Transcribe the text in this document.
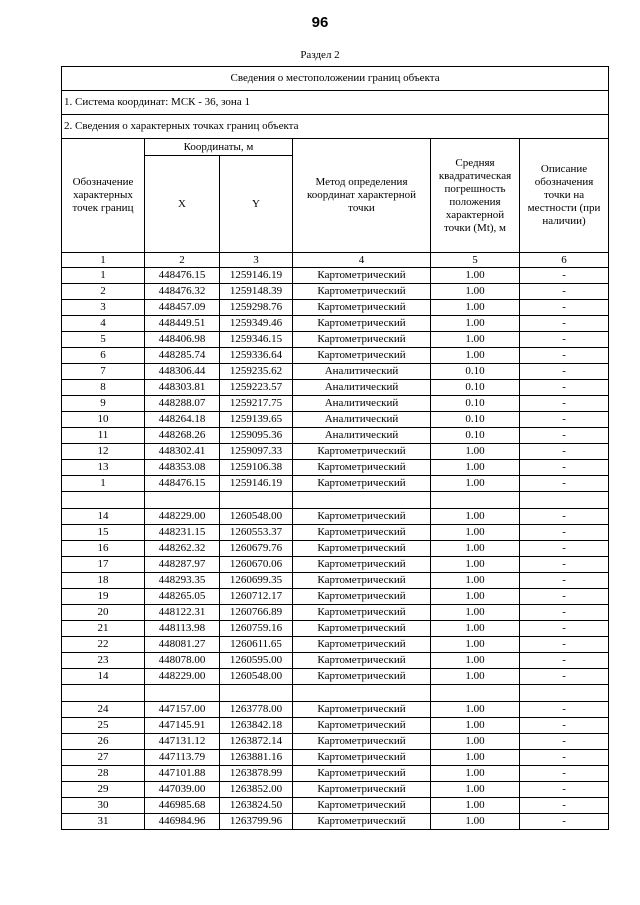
96
Раздел 2
Сведения о местоположении границ объекта					
1. Система координат: МСК - 36, зона 1					
2. Сведения о характерных точках границ объекта					
Обозначение характерных точек границ	Координаты, м		Метод определения координат характерной точки	Средняя квадратическая погрешность положения характерной точки (Mt), м	Описание обозначения точки на местности (при наличии)
	X	Y			
1	2	3	4	5	6
1	448476.15	1259146.19	Картометрический	1.00	-
2	448476.32	1259148.39	Картометрический	1.00	-
3	448457.09	1259298.76	Картометрический	1.00	-
4	448449.51	1259349.46	Картометрический	1.00	-
5	448406.98	1259346.15	Картометрический	1.00	-
6	448285.74	1259336.64	Картометрический	1.00	-
7	448306.44	1259235.62	Аналитический	0.10	-
8	448303.81	1259223.57	Аналитический	0.10	-
9	448288.07	1259217.75	Аналитический	0.10	-
10	448264.18	1259139.65	Аналитический	0.10	-
11	448268.26	1259095.36	Аналитический	0.10	-
12	448302.41	1259097.33	Картометрический	1.00	-
13	448353.08	1259106.38	Картометрический	1.00	-
1	448476.15	1259146.19	Картометрический	1.00	-

14	448229.00	1260548.00	Картометрический	1.00	-
15	448231.15	1260553.37	Картометрический	1.00	-
16	448262.32	1260679.76	Картометрический	1.00	-
17	448287.97	1260670.06	Картометрический	1.00	-
18	448293.35	1260699.35	Картометрический	1.00	-
19	448265.05	1260712.17	Картометрический	1.00	-
20	448122.31	1260766.89	Картометрический	1.00	-
21	448113.98	1260759.16	Картометрический	1.00	-
22	448081.27	1260611.65	Картометрический	1.00	-
23	448078.00	1260595.00	Картометрический	1.00	-
14	448229.00	1260548.00	Картометрический	1.00	-

24	447157.00	1263778.00	Картометрический	1.00	-
25	447145.91	1263842.18	Картометрический	1.00	-
26	447131.12	1263872.14	Картометрический	1.00	-
27	447113.79	1263881.16	Картометрический	1.00	-
28	447101.88	1263878.99	Картометрический	1.00	-
29	447039.00	1263852.00	Картометрический	1.00	-
30	446985.68	1263824.50	Картометрический	1.00	-
31	446984.96	1263799.96	Картометрический	1.00	-
